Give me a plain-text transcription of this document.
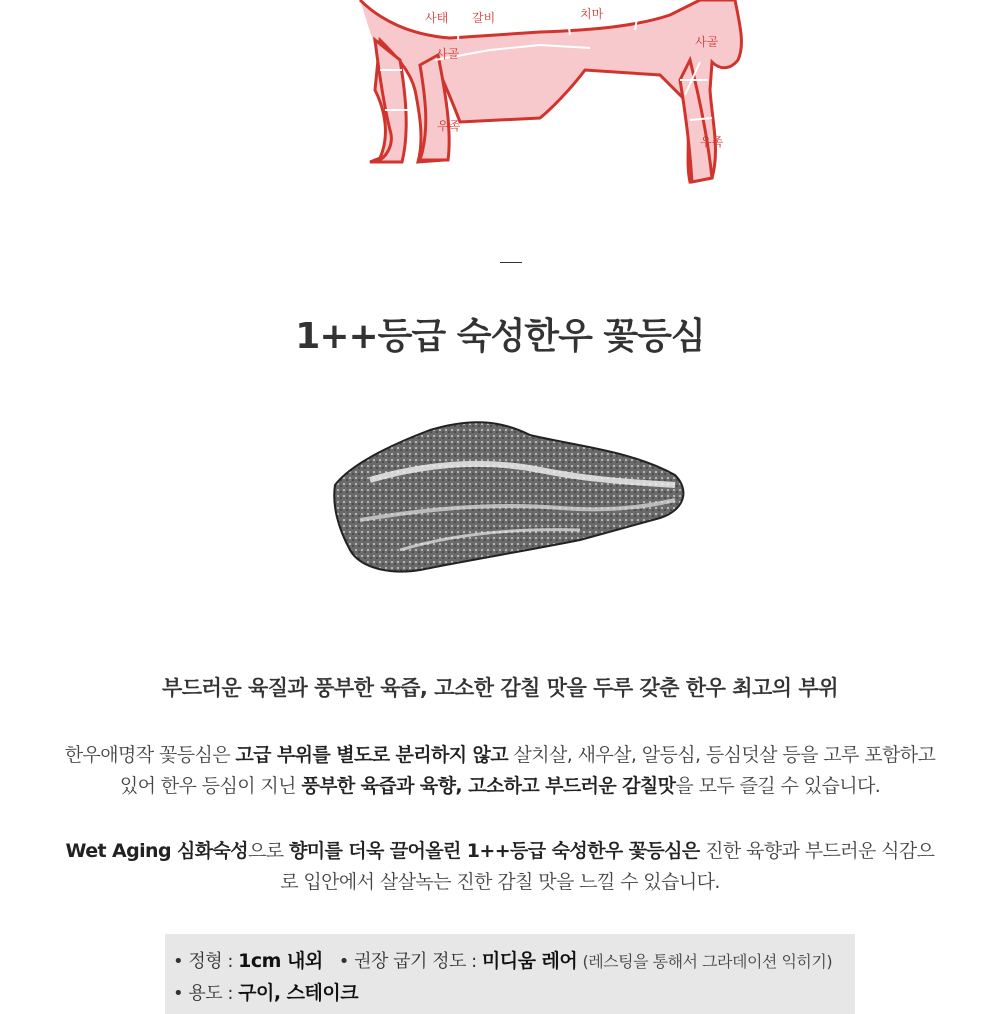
사태 갈비	치마
사골
우족
사골
우족
1++등급 숙성한우 꽃등심
부드러운 육질과 풍부한 육즙, 고소한 감칠 맛을 두루 갖춘 한우 최고의 부위
한우애명작 꽃등심은 고급 부위를 별도로 분리하지 않고 살치살, 새우살, 알등심, 등심덧살 등을 고루 포함하고 있어 한우 등심이 지닌 풍부한 육즙과 육향, 고소하고 부드러운 감칠맛을 모두 즐길 수 있습니다.
Wet Aging 심화숙성으로 향미를 더욱 끌어올린 1++등급 숙성한우 꽃등심은 진한 육향과 부드러운 식감으로 입안에서 살살녹는 진한 감칠 맛을 느낄 수 있습니다.
• 정형 : 1cm 내외 • 권장 굽기 정도 : 미디움 레어 (레스팅을 통해서 그라데이션 익히기)
• 용도 : 구이, 스테이크
